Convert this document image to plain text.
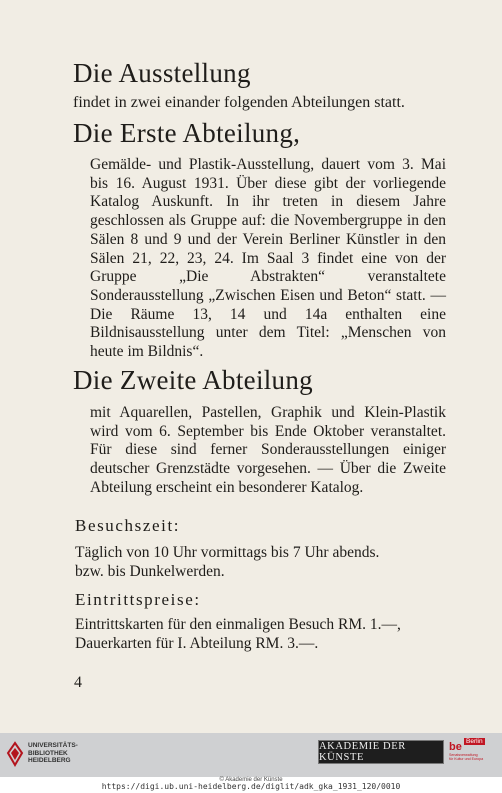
Die Ausstellung
findet in zwei einander folgenden Abteilungen statt.
Die Erste Abteilung,
Gemälde- und Plastik-Ausstellung, dauert vom 3. Mai bis 16. August 1931. Über diese gibt der vorliegende Katalog Auskunft. In ihr treten in diesem Jahre geschlossen als Gruppe auf: die Novembergruppe in den Sälen 8 und 9 und der Verein Berliner Künstler in den Sälen 21, 22, 23, 24. Im Saal 3 findet eine von der Gruppe „Die Abstrakten“ veranstaltete Sonderausstellung „Zwischen Eisen und Beton“ statt. — Die Räume 13, 14 und 14a enthalten eine Bildnisausstellung unter dem Titel: „Menschen von heute im Bildnis“.
Die Zweite Abteilung
mit Aquarellen, Pastellen, Graphik und Klein-Plastik wird vom 6. September bis Ende Oktober veranstaltet. Für diese sind ferner Sonderausstellungen einiger deutscher Grenzstädte vorgesehen. — Über die Zweite Abteilung erscheint ein besonderer Katalog.
Besuchszeit:
Täglich von 10 Uhr vormittags bis 7 Uhr abends.
bzw. bis Dunkelwerden.
Eintrittspreise:
Eintrittskarten für den einmaligen Besuch RM. 1.—,
Dauerkarten für I. Abteilung RM. 3.—.
4
UNIVERSITÄTS-
BIBLIOTHEK
HEIDELBERG
AKADEMIE DER KÜNSTE
be Berlin
Senatsverwaltung
für Kultur und Europa
© Akademie der Künste
https://digi.ub.uni-heidelberg.de/diglit/adk_gka_1931_120/0010
